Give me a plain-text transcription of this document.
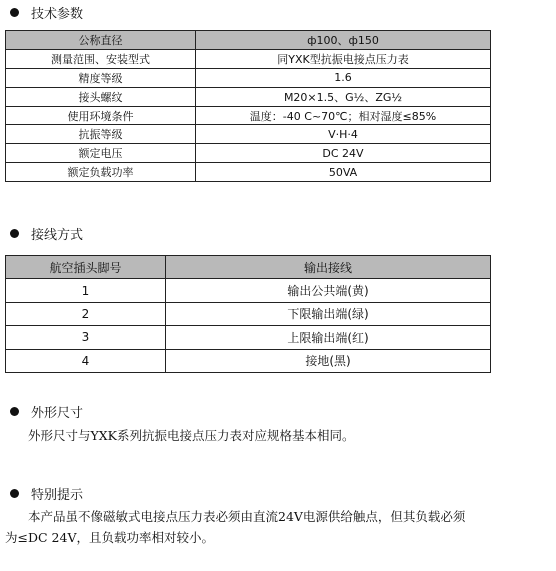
技术参数
公称直径	ф100、ф150
测量范围、安装型式	同YXK型抗振电接点压力表
精度等级	1.6
接头螺纹	M20×1.5、G½、ZG½
使用环境条件	温度：-40 C~70℃；相对湿度≤85%
抗振等级	V·H·4
额定电压	DC 24V
额定负载功率	50VA
接线方式
航空插头脚号	输出接线
1	输出公共端(黄)
2	下限输出端(绿)
3	上限输出端(红)
4	接地(黑)
外形尺寸
外形尺寸与YXK系列抗振电接点压力表对应规格基本相同。
特别提示
本产品虽不像磁敏式电接点压力表必须由直流24V电源供给触点，但其负载必须
为≤DC 24V，且负载功率相对较小。
